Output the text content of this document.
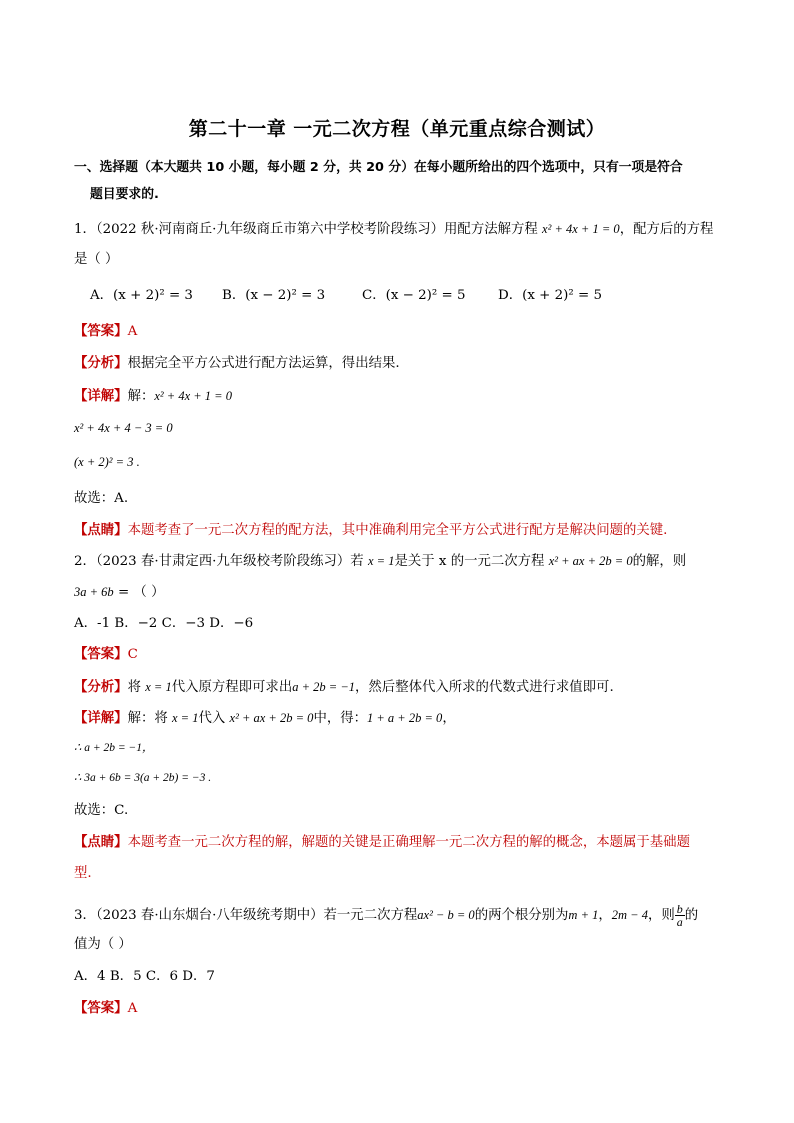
第二十一章 一元二次方程（单元重点综合测试）
一、选择题（本大题共 10 小题，每小题 2 分，共 20 分）在每小题所给出的四个选项中，只有一项是符合
题目要求的.
1．（2022 秋·河南商丘·九年级商丘市第六中学校考阶段练习）用配方法解方程 x² + 4x + 1 = 0，配方后的方程
是（ ）
A．(x + 2)² = 3 B．(x − 2)² = 3	C．(x − 2)² = 5 D．(x + 2)² = 5
【答案】A
【分析】根据完全平方公式进行配方法运算，得出结果.
【详解】解：x² + 4x + 1 = 0
x² + 4x + 4 − 3 = 0
(x + 2)² = 3 .
故选：A.
【点睛】本题考查了一元二次方程的配方法，其中准确利用完全平方公式进行配方是解决问题的关键.
2．（2023 春·甘肃定西·九年级校考阶段练习）若 x = 1是关于 x 的一元二次方程 x² + ax + 2b = 0的解，则
3a + 6b = （ ）
A．-1 B．−2 C．−3 D．−6
【答案】C
【分析】将 x = 1代入原方程即可求出a + 2b = −1，然后整体代入所求的代数式进行求值即可.
【详解】解：将 x = 1代入 x² + ax + 2b = 0中，得：1 + a + 2b = 0，
∴ a + 2b = −1，
∴ 3a + 6b = 3(a + 2b) = −3 .
故选：C.
【点睛】本题考查一元二次方程的解，解题的关键是正确理解一元二次方程的解的概念，本题属于基础题
型.
3．（2023 春·山东烟台·八年级统考期中）若一元二次方程ax² − b = 0的两个根分别为m + 1，2m − 4，则 $\frac{b}{a}$ 的
值为（ ）
A．4 B．5 C．6 D．7
【答案】A
